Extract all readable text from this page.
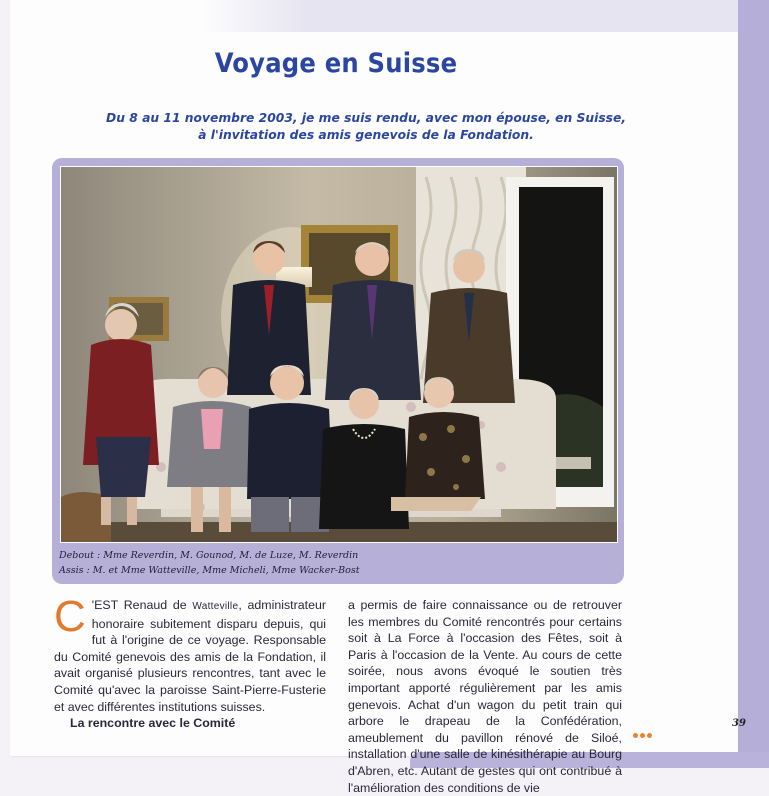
Voyage en Suisse
Du 8 au 11 novembre 2003, je me suis rendu, avec mon épouse, en Suisse,
à l'invitation des amis genevois de la Fondation.
Debout : Mme Reverdin, M. Gounod, M. de Luze, M. Reverdin
Assis : M. et Mme Watteville, Mme Micheli, Mme Wacker-Bost

C 'EST Renaud de Watteville, administrateur honoraire subitement disparu depuis, qui fut à l'origine de ce voyage. Responsable du Comité genevois des amis de la Fondation, il avait organisé plusieurs rencontres, tant avec le Comité qu'avec la paroisse Saint-Pierre-Fusterie et avec différentes institutions suisses.

La rencontre avec le Comité	39

a permis de faire connaissance ou de retrouver les membres du Comité rencontrés pour certains soit à La Force à l'occasion des Fêtes, soit à Paris à l'occasion de la Vente. Au cours de cette soirée, nous avons évoqué le soutien très important apporté régulièrement par les amis genevois. Achat d'un wagon du petit train qui arbore le drapeau de la Confédération, ameublement du pavillon rénové de Siloé, installation d'une salle de kinésithérapie au Bourg d'Abren, etc. Autant de gestes qui ont contribué à l'amélioration des conditions de vie
